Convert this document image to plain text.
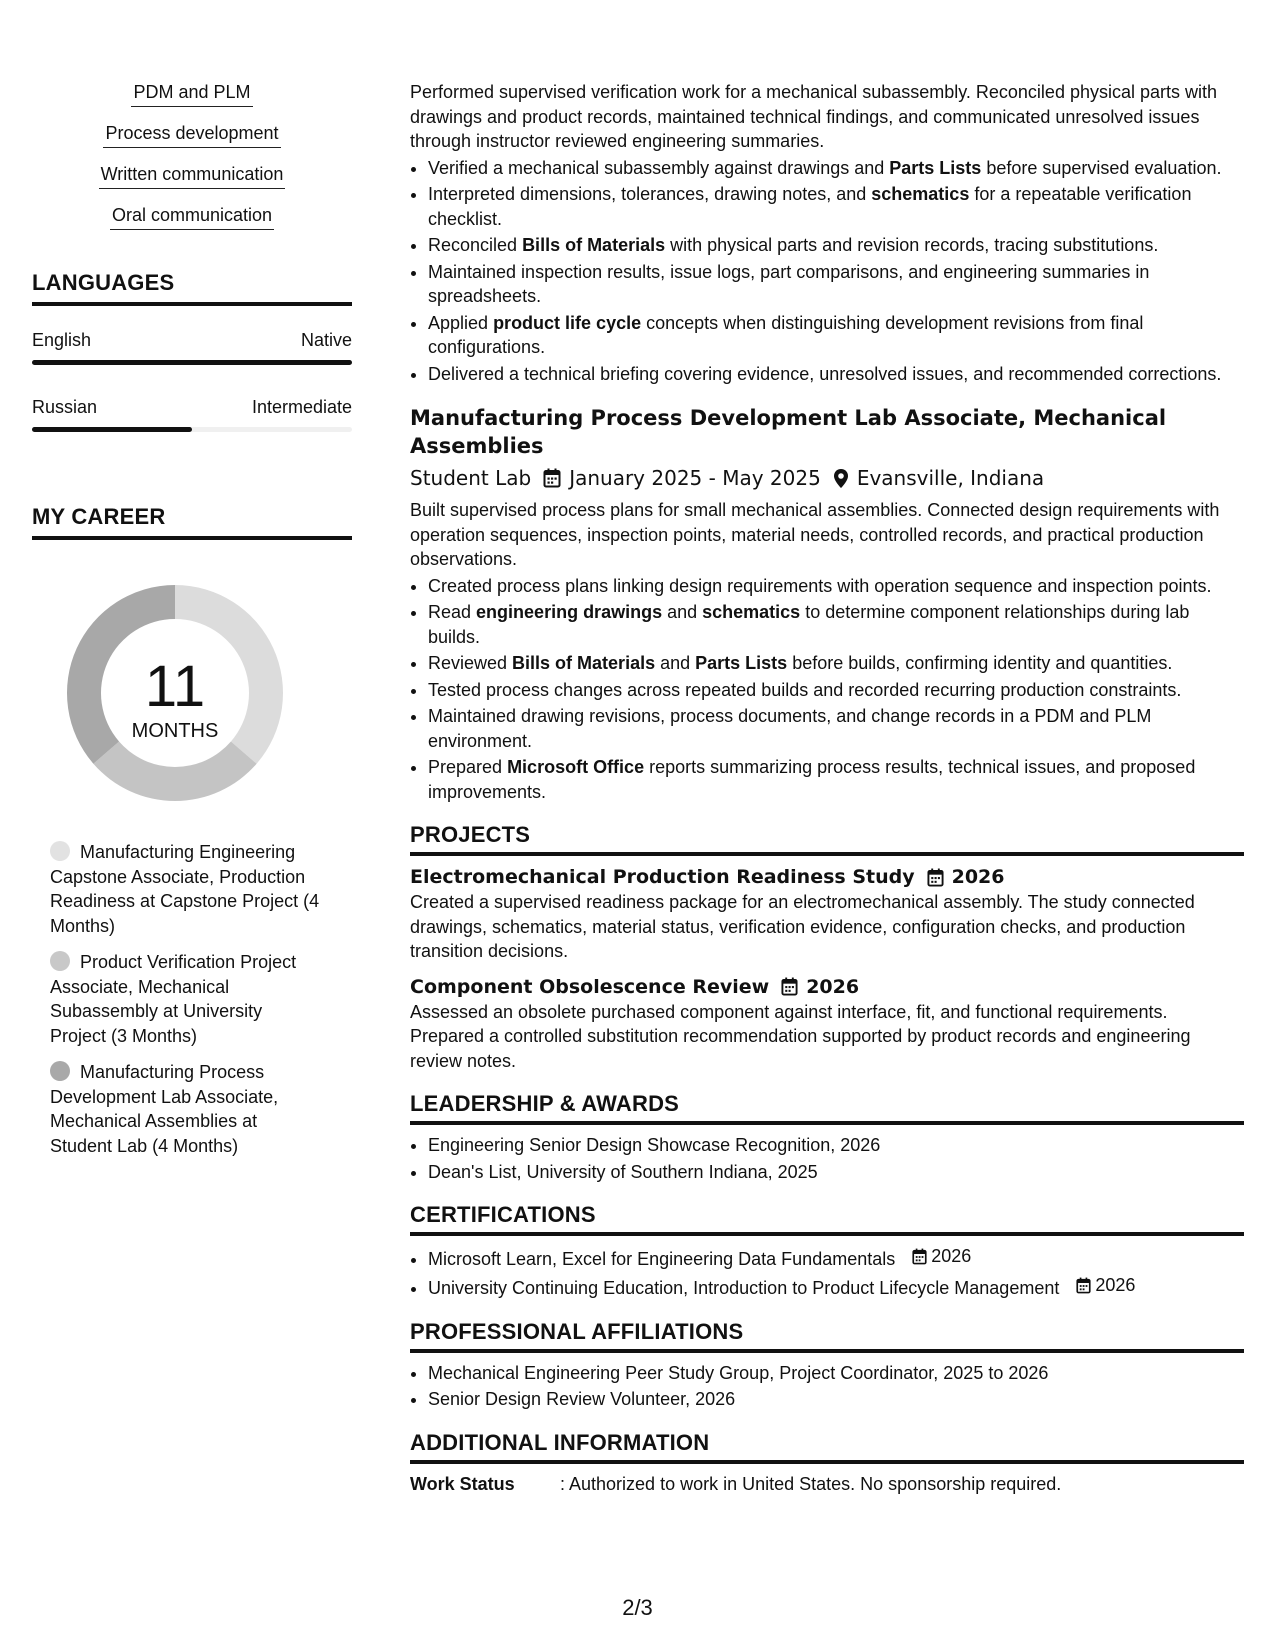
PDM and PLM
Process development
Written communication
Oral communication
LANGUAGES
English	Native
Russian	Intermediate
MY CAREER
11
MONTHS
Manufacturing Engineering Capstone Associate, Production Readiness at Capstone Project (4 Months)
Product Verification Project Associate, Mechanical Subassembly at University Project (3 Months)
Manufacturing Process Development Lab Associate, Mechanical Assemblies at Student Lab (4 Months)

Performed supervised verification work for a mechanical subassembly. Reconciled physical parts with drawings and product records, maintained technical findings, and communicated unresolved issues through instructor reviewed engineering summaries.

• Verified a mechanical subassembly against drawings and Parts Lists before supervised evaluation.
• Interpreted dimensions, tolerances, drawing notes, and schematics for a repeatable verification checklist.
• Reconciled Bills of Materials with physical parts and revision records, tracing substitutions.
• Maintained inspection results, issue logs, part comparisons, and engineering summaries in spreadsheets.
• Applied product life cycle concepts when distinguishing development revisions from final configurations.
• Delivered a technical briefing covering evidence, unresolved issues, and recommended corrections.
Manufacturing Process Development Lab Associate, Mechanical Assemblies
Student Lab January 2025 - May 2025 Evansville, Indiana

Built supervised process plans for small mechanical assemblies. Connected design requirements with operation sequences, inspection points, material needs, controlled records, and practical production observations.

• Created process plans linking design requirements with operation sequence and inspection points.
• Read engineering drawings and schematics to determine component relationships during lab builds.
• Reviewed Bills of Materials and Parts Lists before builds, confirming identity and quantities.
• Tested process changes across repeated builds and recorded recurring production constraints.
• Maintained drawing revisions, process documents, and change records in a PDM and PLM environment.
• Prepared Microsoft Office reports summarizing process results, technical issues, and proposed improvements.
PROJECTS
Electromechanical Production Readiness Study 2026

Created a supervised readiness package for an electromechanical assembly. The study connected drawings, schematics, material status, verification evidence, configuration checks, and production transition decisions.

Component Obsolescence Review 2026

Assessed an obsolete purchased component against interface, fit, and functional requirements. Prepared a controlled substitution recommendation supported by product records and engineering review notes.

LEADERSHIP & AWARDS
• Engineering Senior Design Showcase Recognition, 2026
• Dean's List, University of Southern Indiana, 2025
CERTIFICATIONS
• Microsoft Learn, Excel for Engineering Data Fundamentals 2026
• University Continuing Education, Introduction to Product Lifecycle Management 2026
PROFESSIONAL AFFILIATIONS
• Mechanical Engineering Peer Study Group, Project Coordinator, 2025 to 2026
• Senior Design Review Volunteer, 2026
ADDITIONAL INFORMATION
Work Status	: Authorized to work in United States. No sponsorship required.
2/3
